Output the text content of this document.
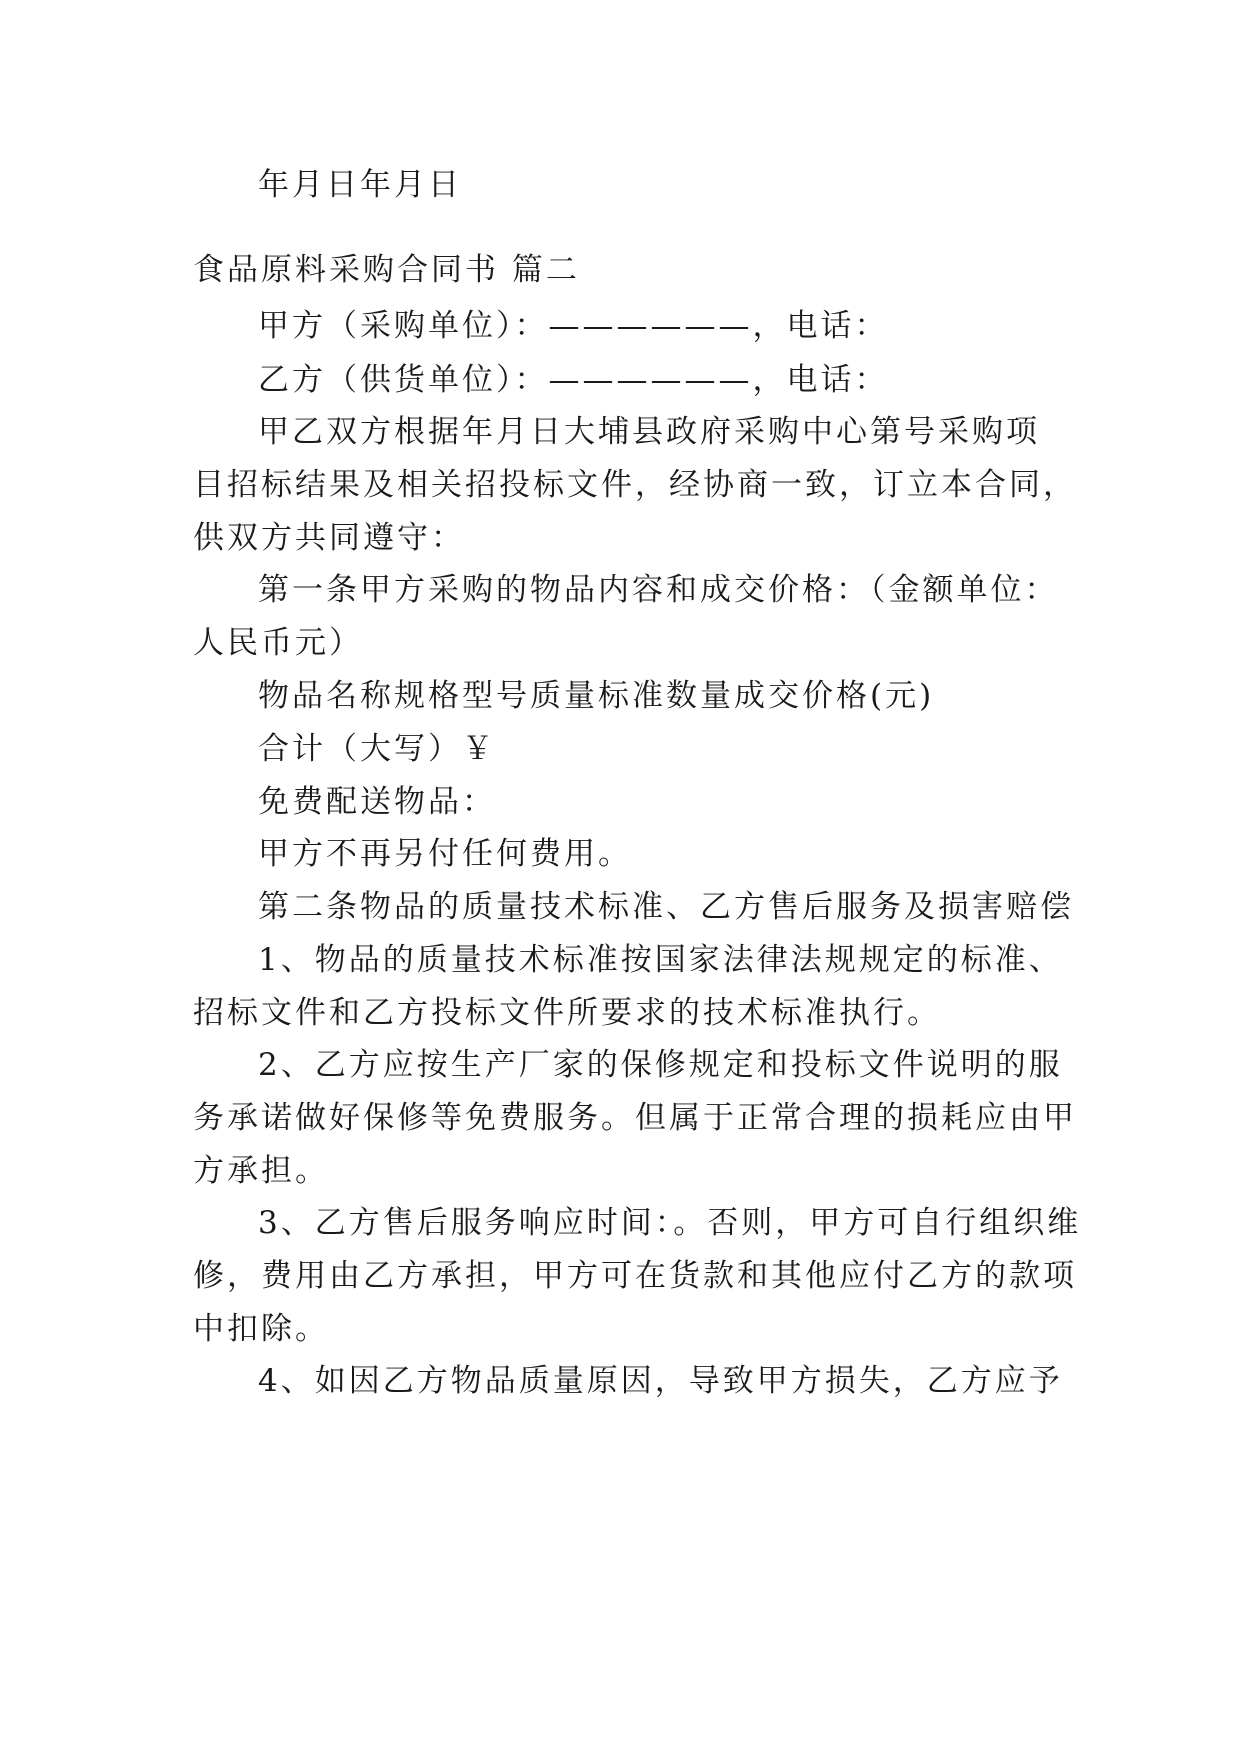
年月日年月日
食品原料采购合同书 篇二
甲方（采购单位）：——————，电话：
乙方（供货单位）：——————，电话：
甲乙双方根据年月日大埔县政府采购中心第号采购项
目招标结果及相关招投标文件，经协商一致，订立本合同，
供双方共同遵守：
第一条甲方采购的物品内容和成交价格：（金额单位：
人民币元）
物品名称规格型号质量标准数量成交价格(元)
合计（大写）￥
免费配送物品：
甲方不再另付任何费用。
第二条物品的质量技术标准、乙方售后服务及损害赔偿
1、物品的质量技术标准按国家法律法规规定的标准、
招标文件和乙方投标文件所要求的技术标准执行。
2、乙方应按生产厂家的保修规定和投标文件说明的服
务承诺做好保修等免费服务。但属于正常合理的损耗应由甲
方承担。
3、乙方售后服务响应时间：。否则，甲方可自行组织维
修，费用由乙方承担，甲方可在货款和其他应付乙方的款项
中扣除。
4、如因乙方物品质量原因，导致甲方损失，乙方应予
